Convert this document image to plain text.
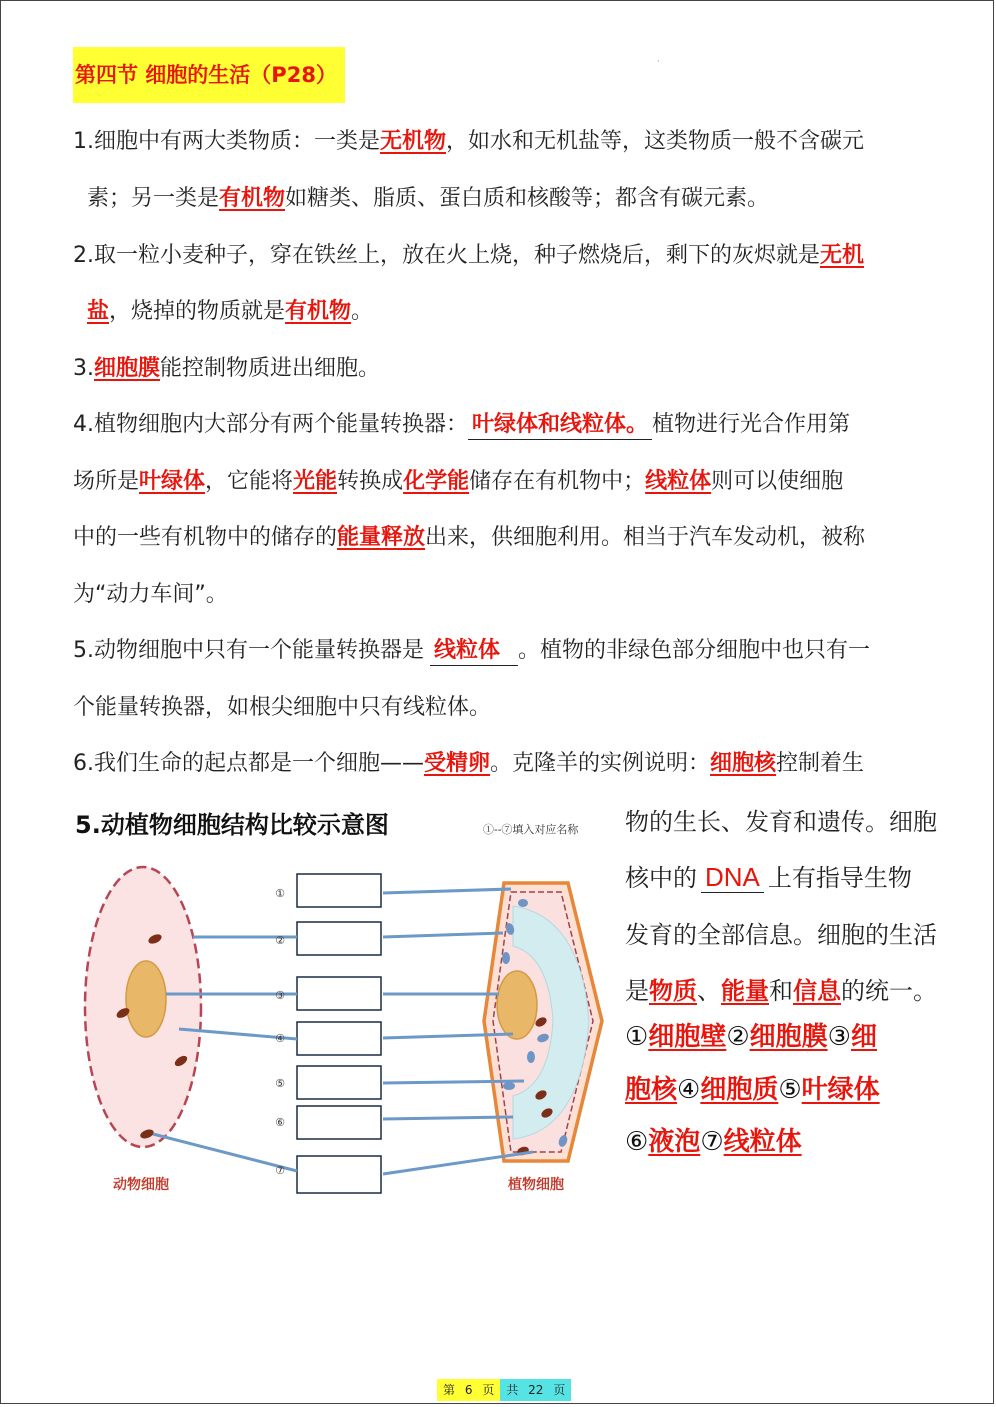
第四节 细胞的生活（P28）
·
1.细胞中有两大类物质：一类是无机物，如水和无机盐等，这类物质一般不含碳元
素；另一类是有机物如糖类、脂质、蛋白质和核酸等；都含有碳元素。
2.取一粒小麦种子，穿在铁丝上，放在火上烧，种子燃烧后，剩下的灰烬就是无机
盐，烧掉的物质就是有机物。
3.细胞膜能控制物质进出细胞。
4.植物细胞内大部分有两个能量转换器： 叶绿体和线粒体。 植物进行光合作用第
场所是叶绿体，它能将光能转换成化学能储存在有机物中；线粒体则可以使细胞
中的一些有机物中的储存的能量释放出来，供细胞利用。相当于汽车发动机，被称
为“动力车间”。
5.动物细胞中只有一个能量转换器是 线粒体 。植物的非绿色部分细胞中也只有一
个能量转换器，如根尖细胞中只有线粒体。
6.我们生命的起点都是一个细胞——受精卵。克隆羊的实例说明：细胞核控制着生
5.动植物细胞结构比较示意图	①--⑦填入对应名称
①
②
③
④
⑤
⑥
⑦
动物细胞	植物细胞
物的生长、发育和遗传。细胞
核中的 DNA 上有指导生物
发育的全部信息。细胞的生活
是物质、能量和信息的统一。
①细胞壁②细胞膜③细
胞核④细胞质⑤叶绿体
⑥液泡⑦线粒体
第 6 页 共 22 页
